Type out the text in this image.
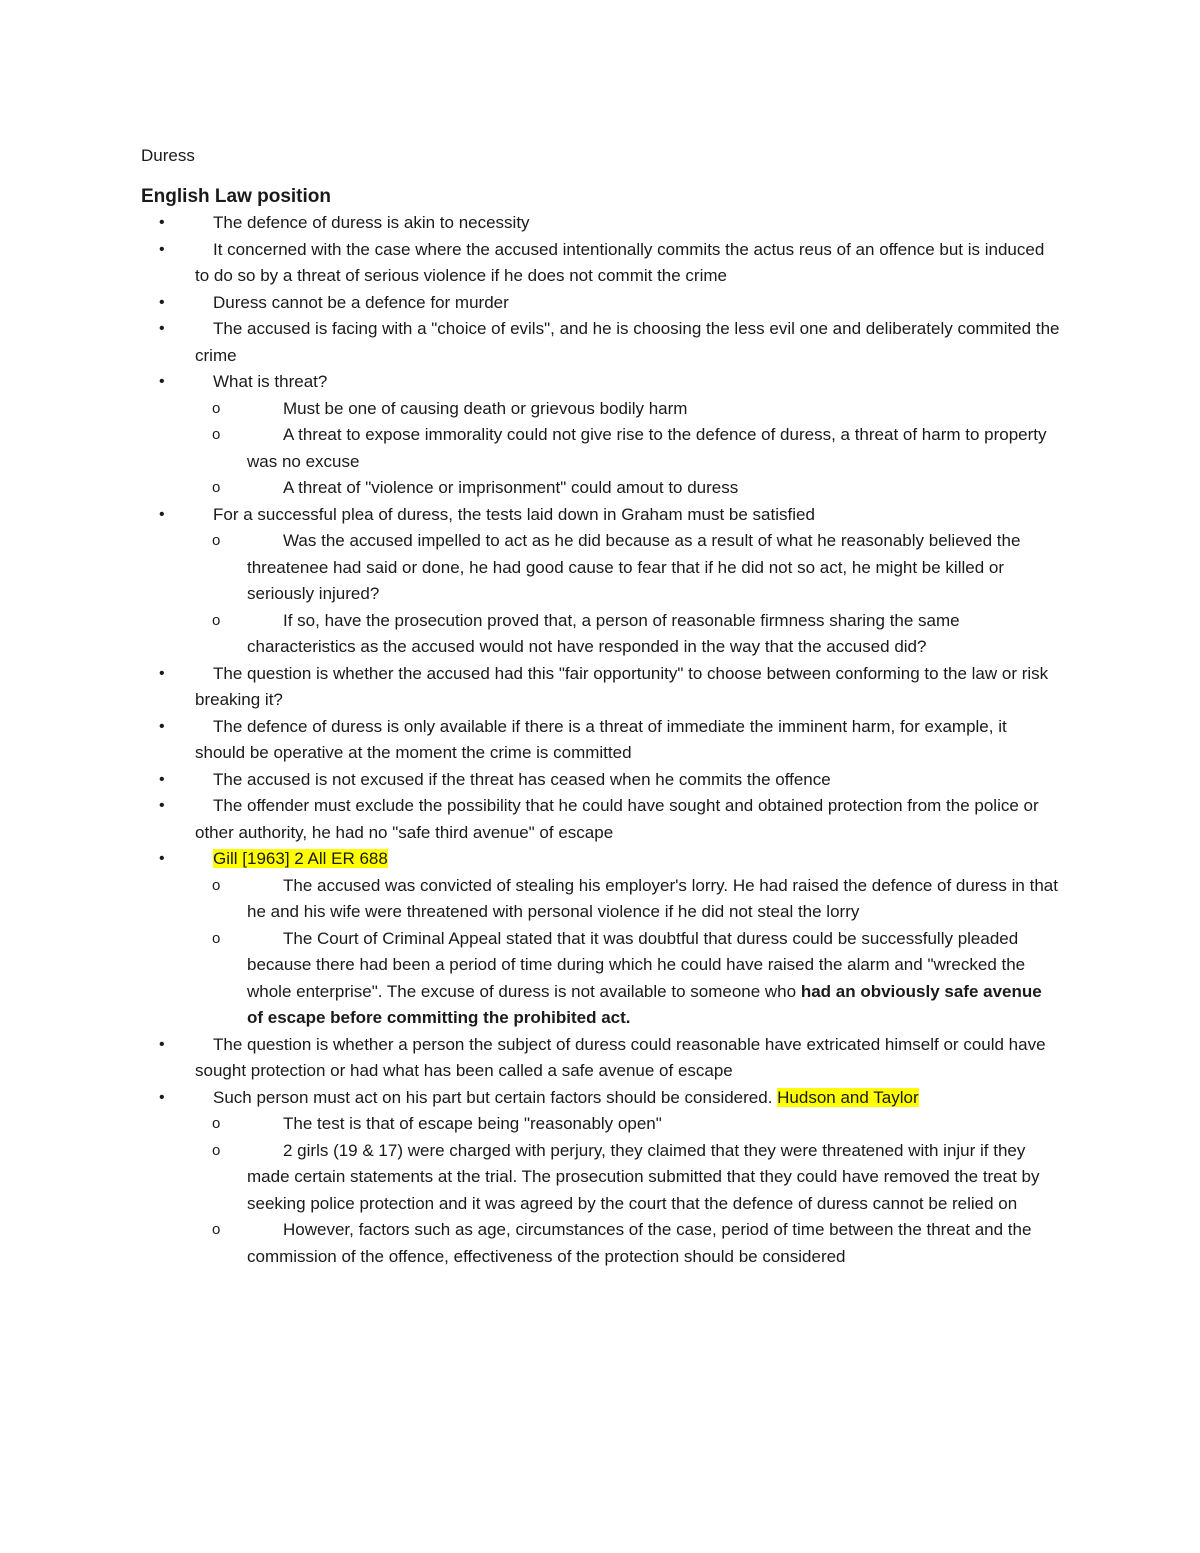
Duress

English Law position
•	The defence of duress is akin to necessity
•	It concerned with the case where the accused intentionally commits the actus reus of an offence but is induced to do so by a threat of serious violence if he does not commit the crime
•	Duress cannot be a defence for murder
•	The accused is facing with a "choice of evils", and he is choosing the less evil one and deliberately commited the crime
•	What is threat?
o	Must be one of causing death or grievous bodily harm
o	A threat to expose immorality could not give rise to the defence of duress, a threat of harm to property was no excuse
o	A threat of "violence or imprisonment" could amout to duress
•	For a successful plea of duress, the tests laid down in Graham must be satisfied
o	Was the accused impelled to act as he did because as a result of what he reasonably believed the threatenee had said or done, he had good cause to fear that if he did not so act, he might be killed or seriously injured?
o	If so, have the prosecution proved that, a person of reasonable firmness sharing the same characteristics as the accused would not have responded in the way that the accused did?
•	The question is whether the accused had this "fair opportunity" to choose between conforming to the law or risk breaking it?
•	The defence of duress is only available if there is a threat of immediate the imminent harm, for example, it should be operative at the moment the crime is committed
•	The accused is not excused if the threat has ceased when he commits the offence
•	The offender must exclude the possibility that he could have sought and obtained protection from the police or other authority, he had no "safe third avenue" of escape
•	Gill [1963] 2 All ER 688
o	The accused was convicted of stealing his employer's lorry. He had raised the defence of duress in that he and his wife were threatened with personal violence if he did not steal the lorry
o	The Court of Criminal Appeal stated that it was doubtful that duress could be successfully pleaded because there had been a period of time during which he could have raised the alarm and "wrecked the whole enterprise". The excuse of duress is not available to someone who had an obviously safe avenue of escape before committing the prohibited act.
•	The question is whether a person the subject of duress could reasonable have extricated himself or could have sought protection or had what has been called a safe avenue of escape
•	Such person must act on his part but certain factors should be considered. Hudson and Taylor
o	The test is that of escape being "reasonably open"
o	2 girls (19 & 17) were charged with perjury, they claimed that they were threatened with injur if they made certain statements at the trial. The prosecution submitted that they could have removed the treat by seeking police protection and it was agreed by the court that the defence of duress cannot be relied on
o	However, factors such as age, circumstances of the case, period of time between the threat and the commission of the offence, effectiveness of the protection should be considered
